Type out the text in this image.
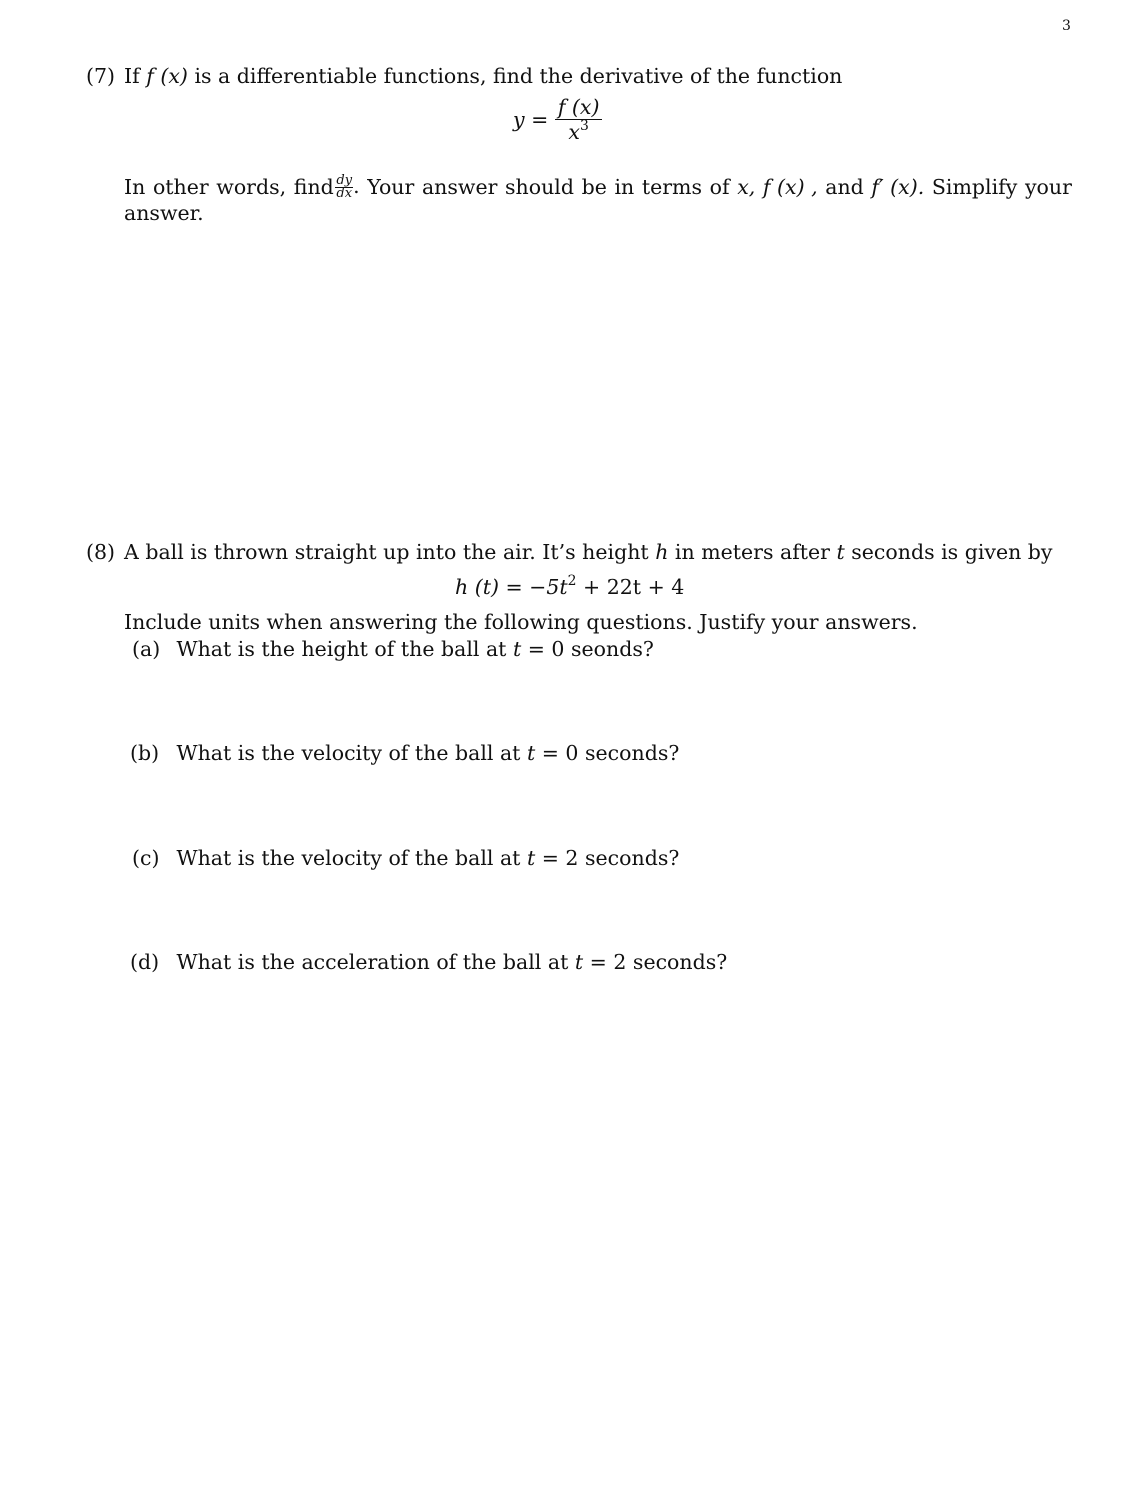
3
(7) If f (x) is a differentiable functions, find the derivative of the function
$y = \frac{f (x)}{x^3}$
In other words, find $\frac{dy}{dx}$ . Your answer should be in terms of x, f (x) , and f′ (x). Simplify your
answer.
(8) A ball is thrown straight up into the air. It’s height h in meters after t seconds is given by
h $(t) = -5t^2 + 22t + 4$
Include units when answering the following questions. Justify your answers.
(a) What is the height of the ball at t = 0 seonds?
(b) What is the velocity of the ball at t = 0 seconds?
(c) What is the velocity of the ball at t = 2 seconds?
(d) What is the acceleration of the ball at t = 2 seconds?
